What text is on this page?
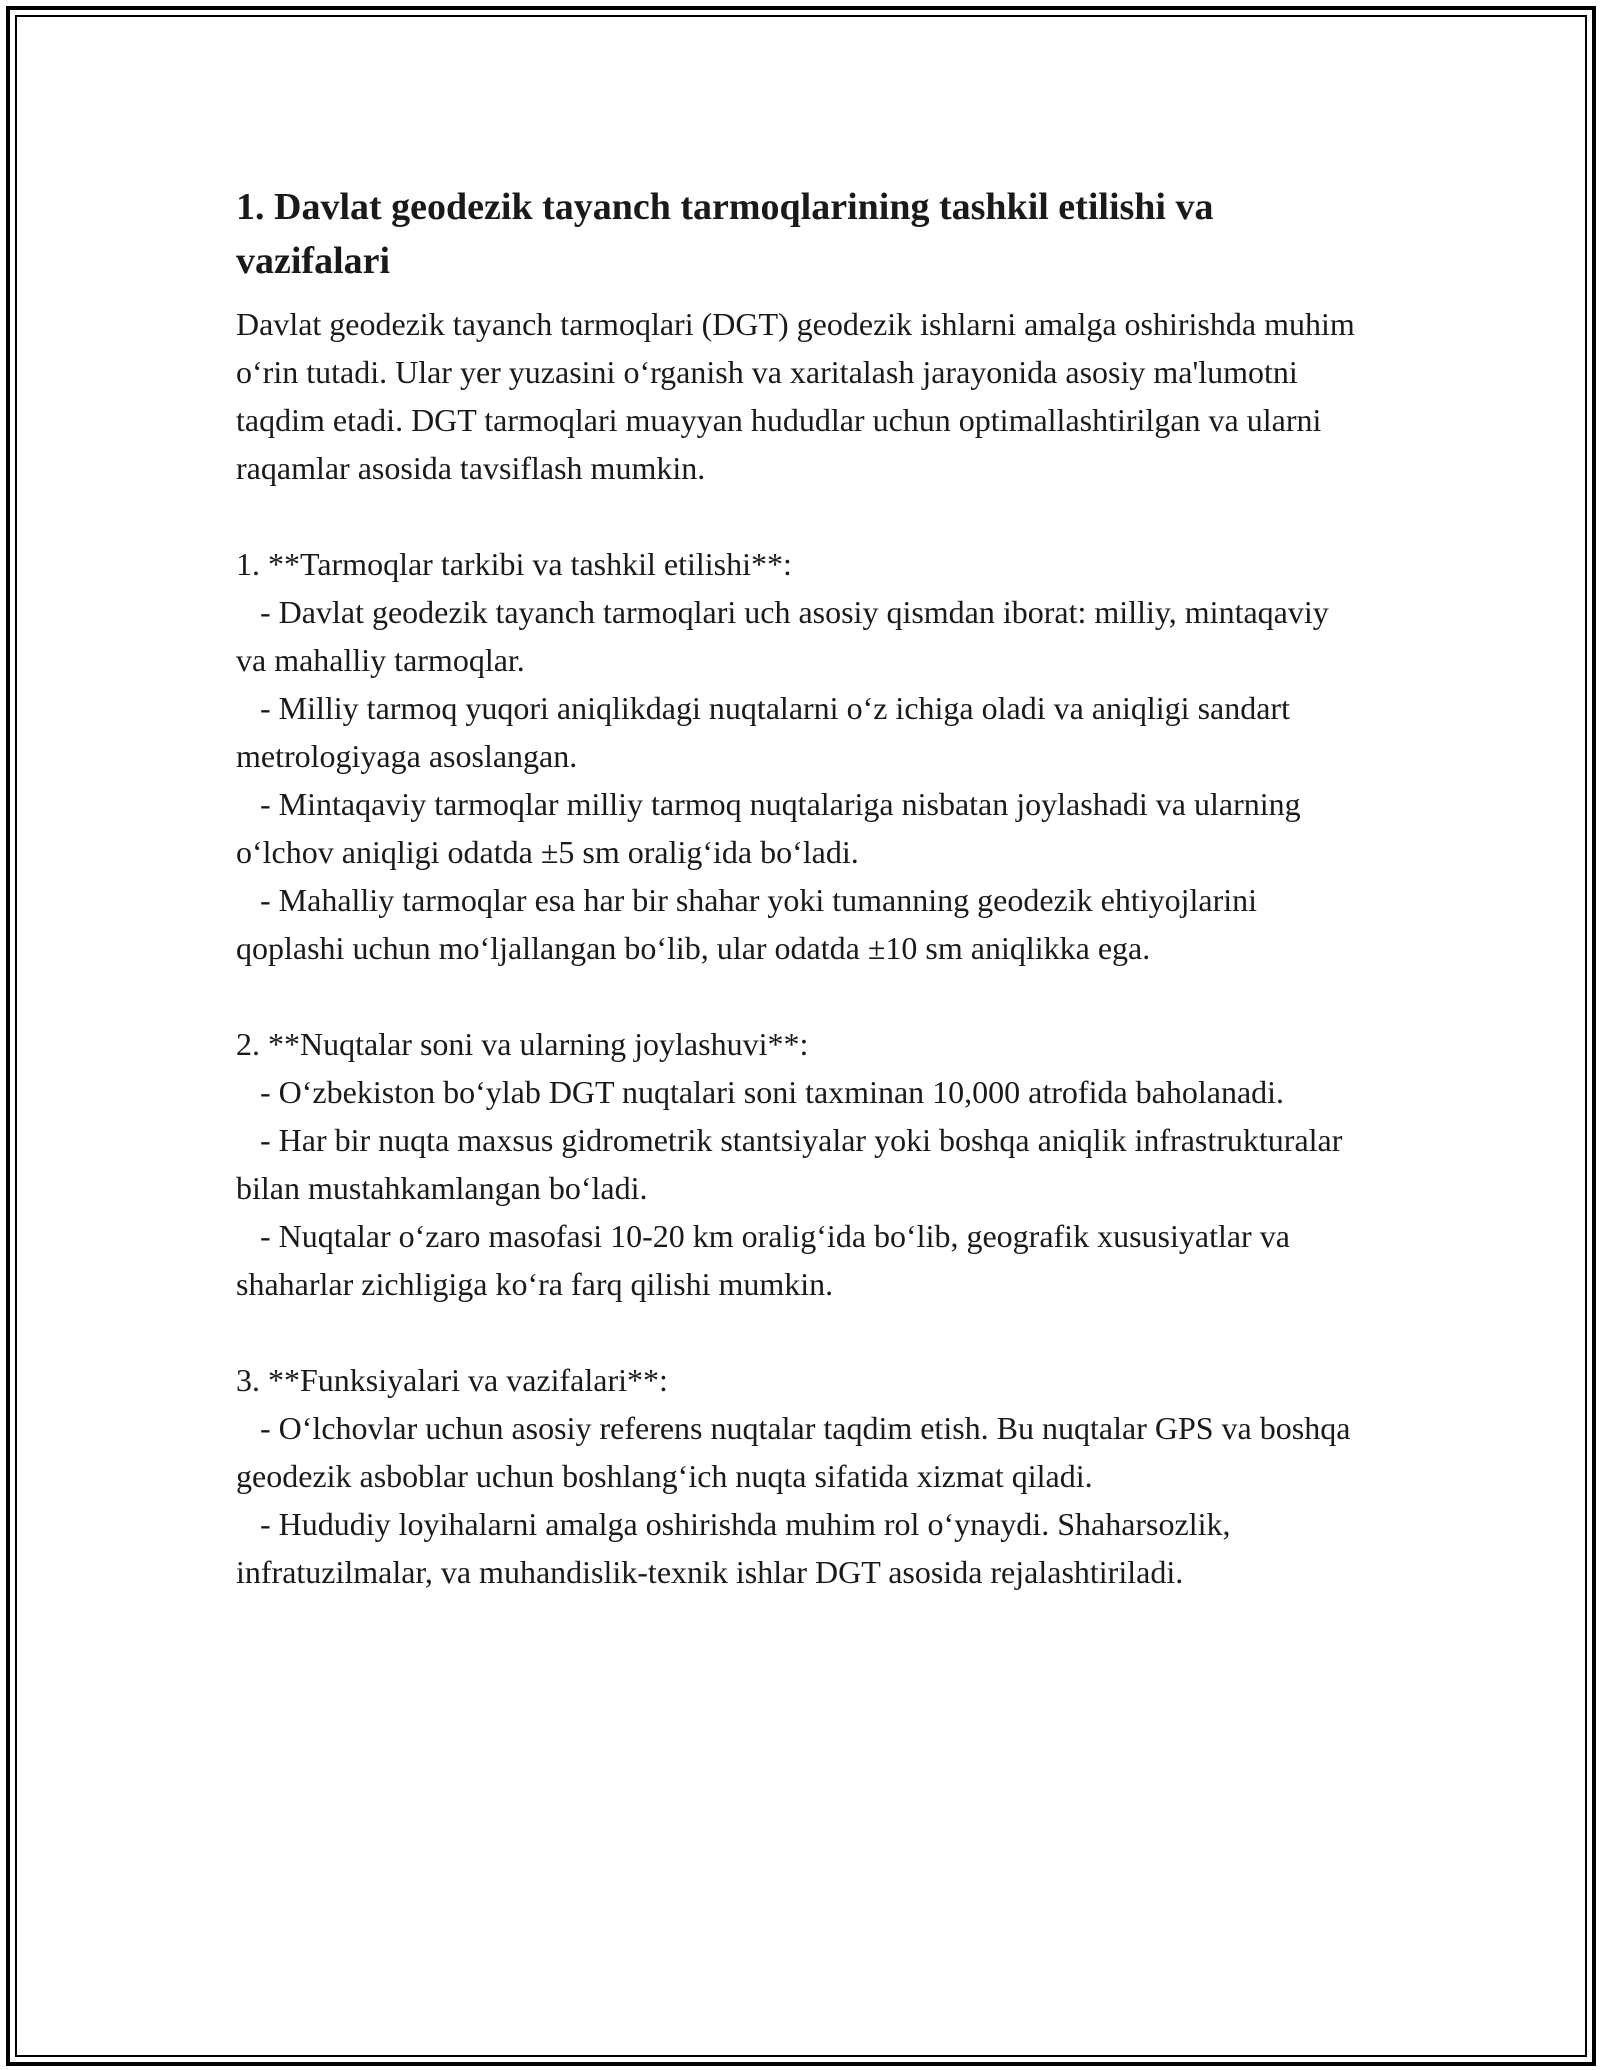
1. Davlat geodezik tayanch tarmoqlarining tashkil etilishi va vazifalari

Davlat geodezik tayanch tarmoqlari (DGT) geodezik ishlarni amalga oshirishda muhim o‘rin tutadi. Ular yer yuzasini o‘rganish va xaritalash jarayonida asosiy ma'lumotni taqdim etadi. DGT tarmoqlari muayyan hududlar uchun optimallashtirilgan va ularni raqamlar asosida tavsiflash mumkin.

1. **Tarmoqlar tarkibi va tashkil etilishi**:
- Davlat geodezik tayanch tarmoqlari uch asosiy qismdan iborat: milliy, mintaqaviy va mahalliy tarmoqlar.
- Milliy tarmoq yuqori aniqlikdagi nuqtalarni o‘z ichiga oladi va aniqligi sandart metrologiyaga asoslangan.
- Mintaqaviy tarmoqlar milliy tarmoq nuqtalariga nisbatan joylashadi va ularning o‘lchov aniqligi odatda ±5 sm oralig‘ida bo‘ladi.
- Mahalliy tarmoqlar esa har bir shahar yoki tumanning geodezik ehtiyojlarini qoplashi uchun mo‘ljallangan bo‘lib, ular odatda ±10 sm aniqlikka ega.
2. **Nuqtalar soni va ularning joylashuvi**:
- O‘zbekiston bo‘ylab DGT nuqtalari soni taxminan 10,000 atrofida baholanadi.
- Har bir nuqta maxsus gidrometrik stantsiyalar yoki boshqa aniqlik infrastrukturalar bilan mustahkamlangan bo‘ladi.
- Nuqtalar o‘zaro masofasi 10-20 km oralig‘ida bo‘lib, geografik xususiyatlar va shaharlar zichligiga ko‘ra farq qilishi mumkin.
3. **Funksiyalari va vazifalari**:
- O‘lchovlar uchun asosiy referens nuqtalar taqdim etish. Bu nuqtalar GPS va boshqa geodezik asboblar uchun boshlang‘ich nuqta sifatida xizmat qiladi.
- Hududiy loyihalarni amalga oshirishda muhim rol o‘ynaydi. Shaharsozlik, infratuzilmalar, va muhandislik-texnik ishlar DGT asosida rejalashtiriladi.
